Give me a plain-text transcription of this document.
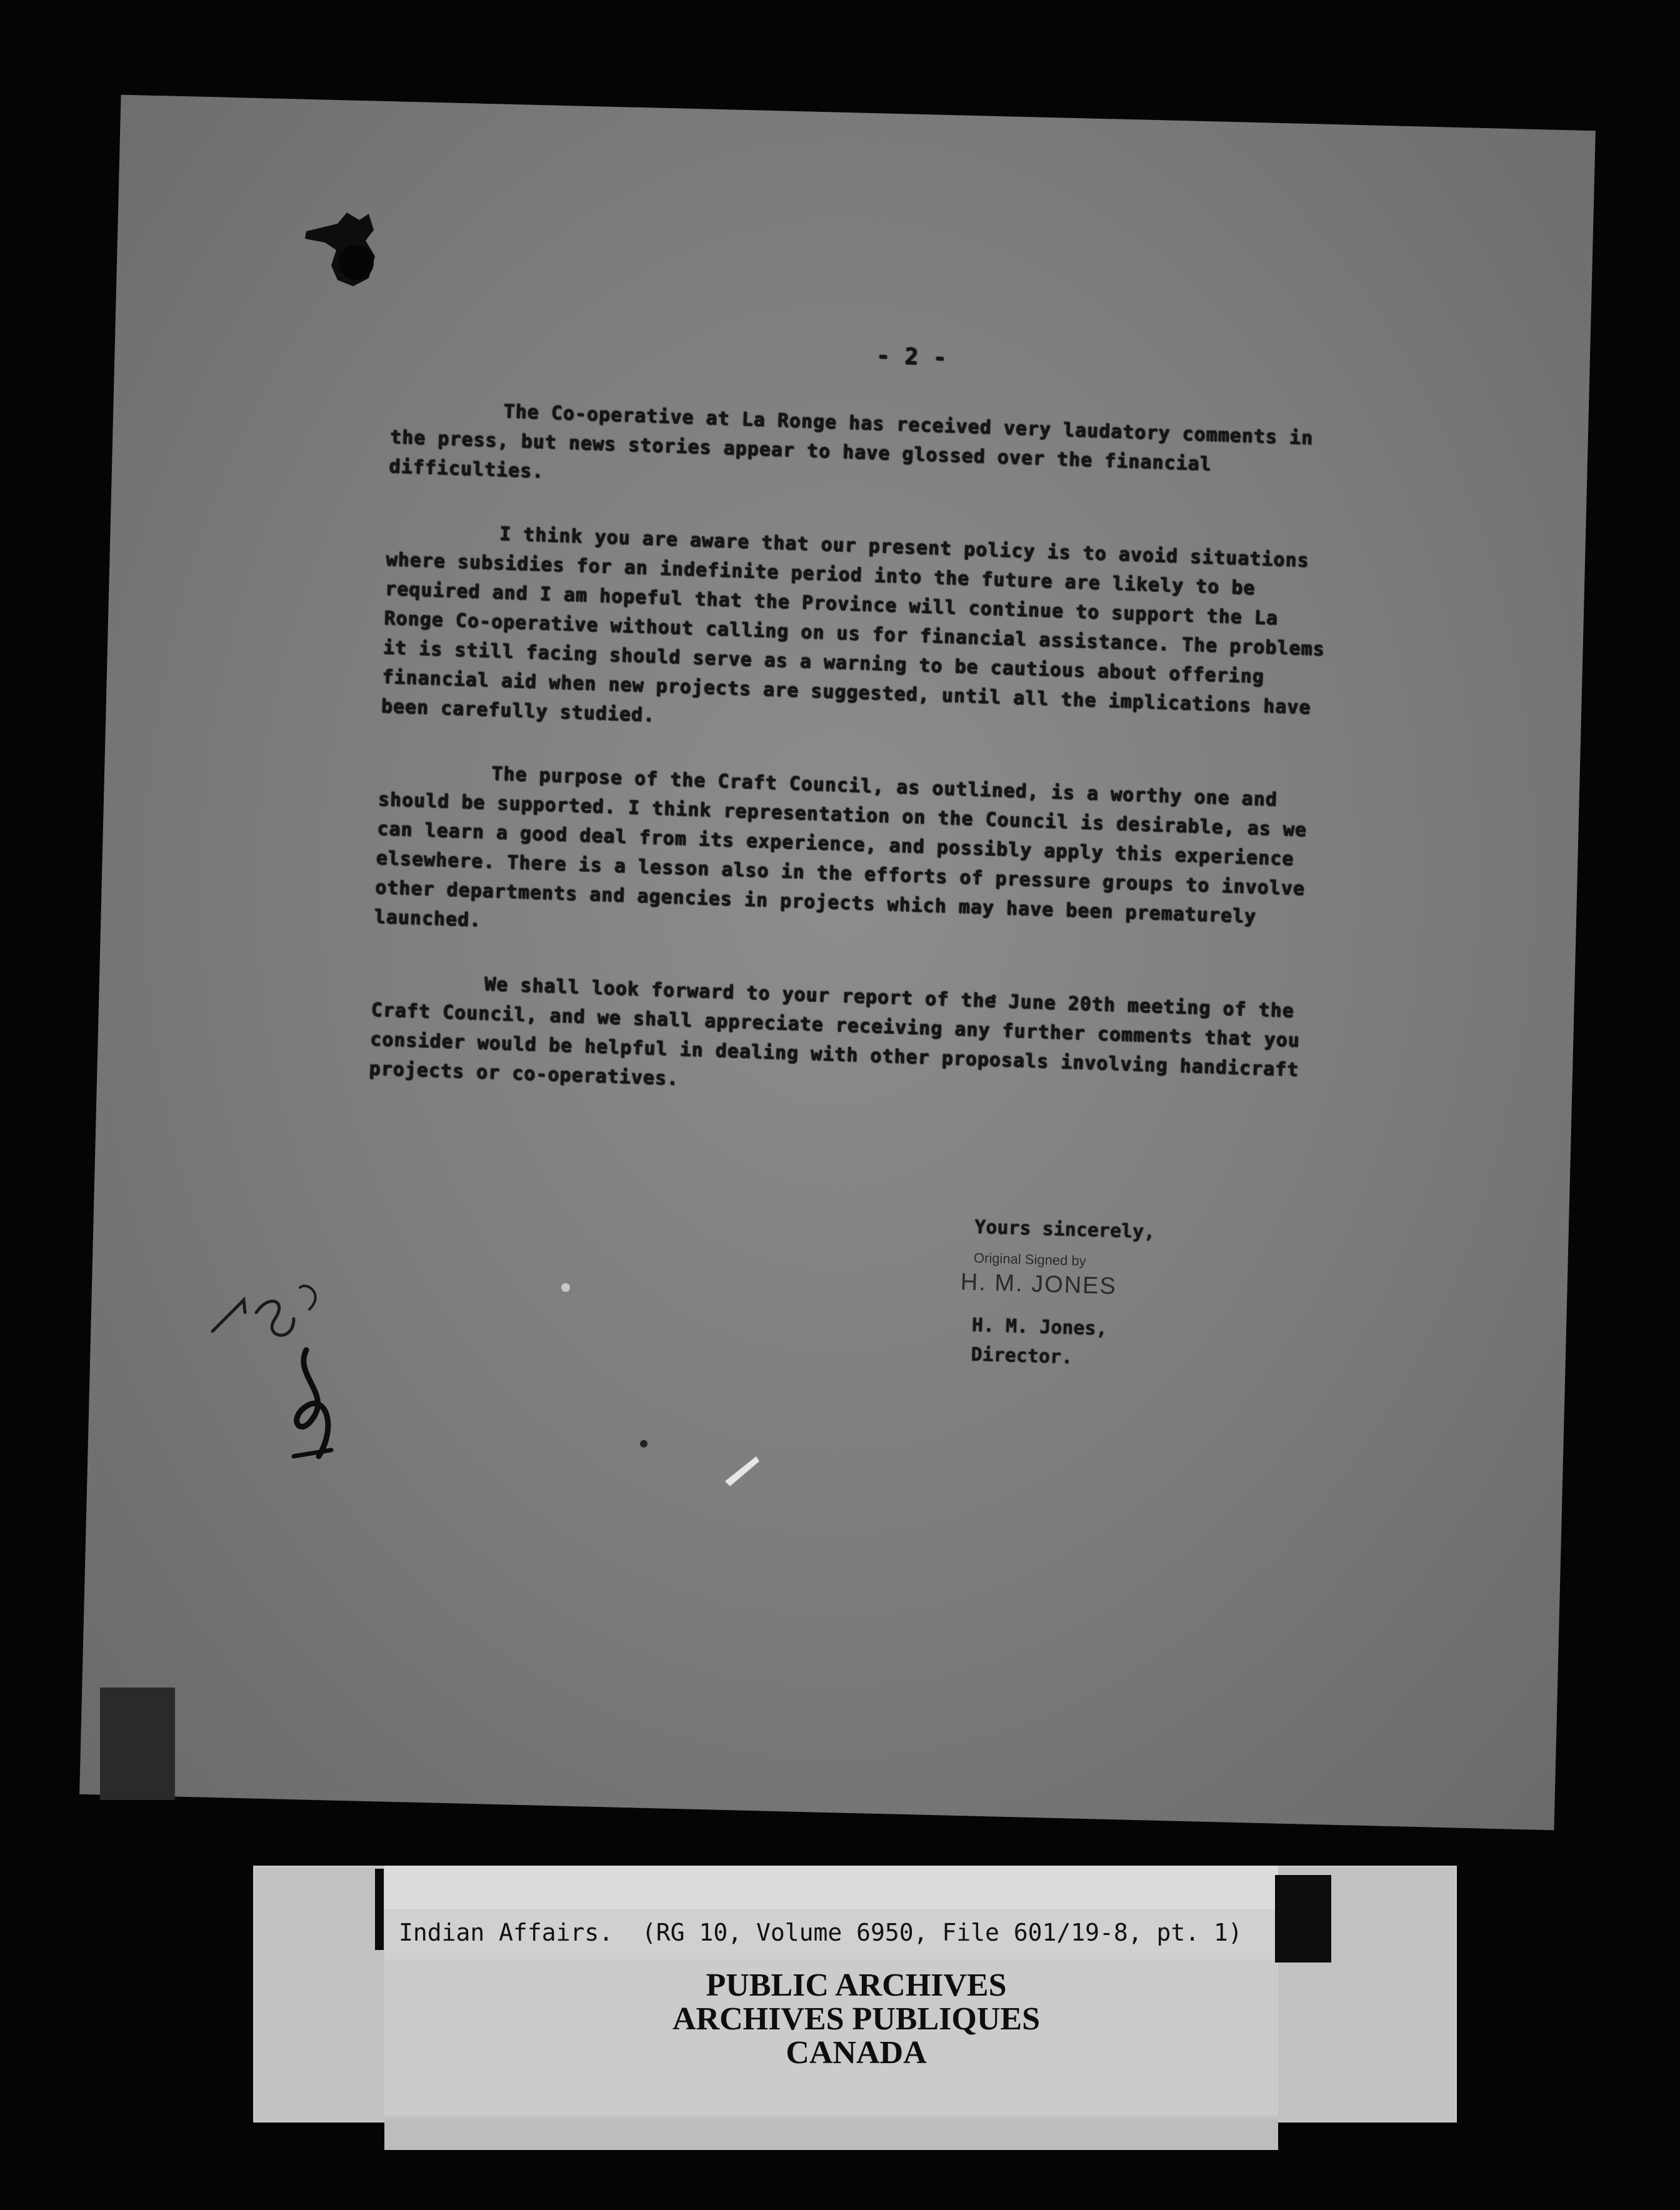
- 2 -

The Co-operative at La Ronge has received very laudatory comments in the press, but news stories appear to have glossed over the financial difficulties.

I think you are aware that our present policy is to avoid situations where subsidies for an indefinite period into the future are likely to be required and I am hopeful that the Province will continue to support the La Ronge Co-operative without calling on us for financial assistance. The problems it is still facing should serve as a warning to be cautious about offering financial aid when new projects are suggested, until all the implications have been carefully studied.

The purpose of the Craft Council, as outlined, is a worthy one and should be supported. I think representation on the Council is desirable, as we can learn a good deal from its experience, and possibly apply this experience elsewhere. There is a lesson also in the efforts of pressure groups to involve other departments and agencies in projects which may have been prematurely launched.

We shall look forward to your report of the June 20th meeting of the Craft Council, and we shall appreciate receiving any further comments that you consider would be helpful in dealing with other proposals involving handicraft projects or co-operatives.

Yours sincerely,
Original Signed by
H. M. JONES
H. M. Jones,
Director.
Indian Affairs.  (RG 10, Volume 6950, File 601/19-8, pt. 1)
PUBLIC ARCHIVES
ARCHIVES PUBLIQUES
CANADA
